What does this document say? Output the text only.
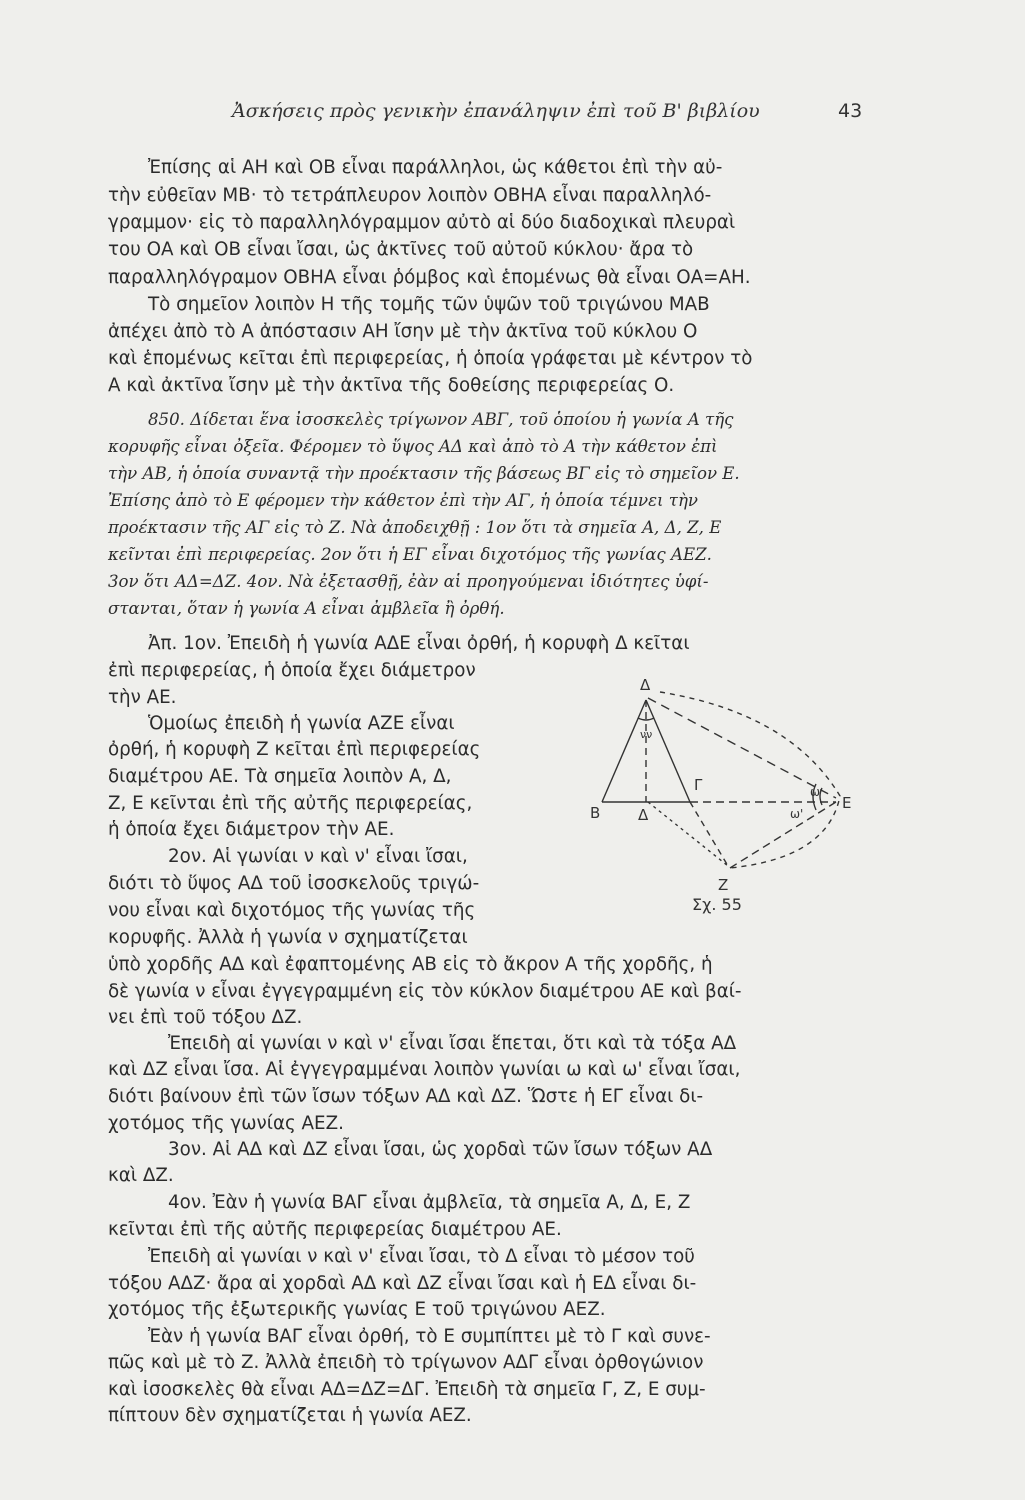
Ἀσκήσεις πρὸς γενικὴν ἐπανάληψιν ἐπὶ τοῦ Β' βιβλίου	43
Ἐπίσης αἱ ΑΗ καὶ ΟΒ εἶναι παράλληλοι, ὡς κάθετοι ἐπὶ τὴν αὐ-
τὴν εὐθεῖαν ΜΒ· τὸ τετράπλευρον λοιπὸν ΟΒΗΑ εἶναι παραλληλό-
γραμμον· εἰς τὸ παραλληλόγραμμον αὐτὸ αἱ δύο διαδοχικαὶ πλευραὶ
του ΟΑ καὶ ΟΒ εἶναι ἴσαι, ὡς ἀκτῖνες τοῦ αὐτοῦ κύκλου· ἄρα τὸ
παραλληλόγραμον ΟΒΗΑ εἶναι ῥόμβος καὶ ἑπομένως θὰ εἶναι ΟΑ=ΑΗ.
Τὸ σημεῖον λοιπὸν Η τῆς τομῆς τῶν ὑψῶν τοῦ τριγώνου ΜΑΒ
ἀπέχει ἀπὸ τὸ Α ἀπόστασιν ΑΗ ἴσην μὲ τὴν ἀκτῖνα τοῦ κύκλου Ο
καὶ ἑπομένως κεῖται ἐπὶ περιφερείας, ἡ ὁποία γράφεται μὲ κέντρον τὸ
Α καὶ ἀκτῖνα ἴσην μὲ τὴν ἀκτῖνα τῆς δοθείσης περιφερείας Ο.
850. Δίδεται ἕνα ἰσοσκελὲς τρίγωνον ΑΒΓ, τοῦ ὁποίου ἡ γωνία Α τῆς
κορυφῆς εἶναι ὀξεῖα. Φέρομεν τὸ ὕψος ΑΔ καὶ ἀπὸ τὸ Α τὴν κάθετον ἐπὶ
τὴν ΑΒ, ἡ ὁποία συναντᾷ τὴν προέκτασιν τῆς βάσεως ΒΓ εἰς τὸ σημεῖον Ε.
Ἐπίσης ἀπὸ τὸ Ε φέρομεν τὴν κάθετον ἐπὶ τὴν ΑΓ, ἡ ὁποία τέμνει τὴν
προέκτασιν τῆς ΑΓ εἰς τὸ Ζ. Νὰ ἀποδειχθῇ : 1ον ὅτι τὰ σημεῖα Α, Δ, Ζ, Ε
κεῖνται ἐπὶ περιφερείας. 2ον ὅτι ἡ ΕΓ εἶναι διχοτόμος τῆς γωνίας ΑΕΖ.
3ον ὅτι ΑΔ=ΔΖ. 4ον. Νὰ ἐξετασθῇ, ἐὰν αἱ προηγούμεναι ἰδιότητες ὑφί-
στανται, ὅταν ἡ γωνία Α εἶναι ἀμβλεῖα ἢ ὀρθή.
Ἀπ. 1ον. Ἐπειδὴ ἡ γωνία ΑΔΕ εἶναι ὀρθή, ἡ κορυφὴ Δ κεῖται
ἐπὶ περιφερείας, ἡ ὁποία ἔχει διάμετρον
τὴν ΑΕ.
Ὁμοίως ἐπειδὴ ἡ γωνία ΑΖΕ εἶναι
ὀρθή, ἡ κορυφὴ Ζ κεῖται ἐπὶ περιφερείας
διαμέτρου ΑΕ. Τὰ σημεῖα λοιπὸν Α, Δ,
Ζ, Ε κεῖνται ἐπὶ τῆς αὐτῆς περιφερείας,
ἡ ὁποία ἔχει διάμετρον τὴν ΑΕ.
2ον. Αἱ γωνίαι ν καὶ ν' εἶναι ἴσαι,
διότι τὸ ὕψος ΑΔ τοῦ ἰσοσκελοῦς τριγώ-
νου εἶναι καὶ διχοτόμος τῆς γωνίας τῆς
κορυφῆς. Ἀλλὰ ἡ γωνία ν σχηματίζεται
ὑπὸ χορδῆς ΑΔ καὶ ἐφαπτομένης ΑΒ εἰς τὸ ἄκρον Α τῆς χορδῆς, ἡ
δὲ γωνία ν εἶναι ἐγγεγραμμένη εἰς τὸν κύκλον διαμέτρου ΑΕ καὶ βαί-
νει ἐπὶ τοῦ τόξου ΔΖ.
Ἐπειδὴ αἱ γωνίαι ν καὶ ν' εἶναι ἴσαι ἕπεται, ὅτι καὶ τὰ τόξα ΑΔ
καὶ ΔΖ εἶναι ἴσα. Αἱ ἐγγεγραμμέναι λοιπὸν γωνίαι ω καὶ ω' εἶναι ἴσαι,
διότι βαίνουν ἐπὶ τῶν ἴσων τόξων ΑΔ καὶ ΔΖ. Ὥστε ἡ ΕΓ εἶναι δι-
χοτόμος τῆς γωνίας ΑΕΖ.
3ον. Αἱ ΑΔ καὶ ΔΖ εἶναι ἴσαι, ὡς χορδαὶ τῶν ἴσων τόξων ΑΔ
καὶ ΔΖ.
4ον. Ἐὰν ἡ γωνία ΒΑΓ εἶναι ἀμβλεῖα, τὰ σημεῖα Α, Δ, Ε, Ζ
κεῖνται ἐπὶ τῆς αὐτῆς περιφερείας διαμέτρου ΑΕ.
Ἐπειδὴ αἱ γωνίαι ν καὶ ν' εἶναι ἴσαι, τὸ Δ εἶναι τὸ μέσον τοῦ
τόξου ΑΔΖ· ἄρα αἱ χορδαὶ ΑΔ καὶ ΔΖ εἶναι ἴσαι καὶ ἡ ΕΔ εἶναι δι-
χοτόμος τῆς ἐξωτερικῆς γωνίας Ε τοῦ τριγώνου ΑΕΖ.
Ἐὰν ἡ γωνία ΒΑΓ εἶναι ὀρθή, τὸ Ε συμπίπτει μὲ τὸ Γ καὶ συνε-
πῶς καὶ μὲ τὸ Ζ. Ἀλλὰ ἐπειδὴ τὸ τρίγωνον ΑΔΓ εἶναι ὀρθογώνιον
καὶ ἰσοσκελὲς θὰ εἶναι ΑΔ=ΔΖ=ΔΓ. Ἐπειδὴ τὰ σημεῖα Γ, Ζ, Ε συμ-
πίπτουν δὲν σχηματίζεται ἡ γωνία ΑΕΖ.
Δ
Β	Δ
Γ
Ε
Ζ
νν
ω
ω'
Σχ. 55
